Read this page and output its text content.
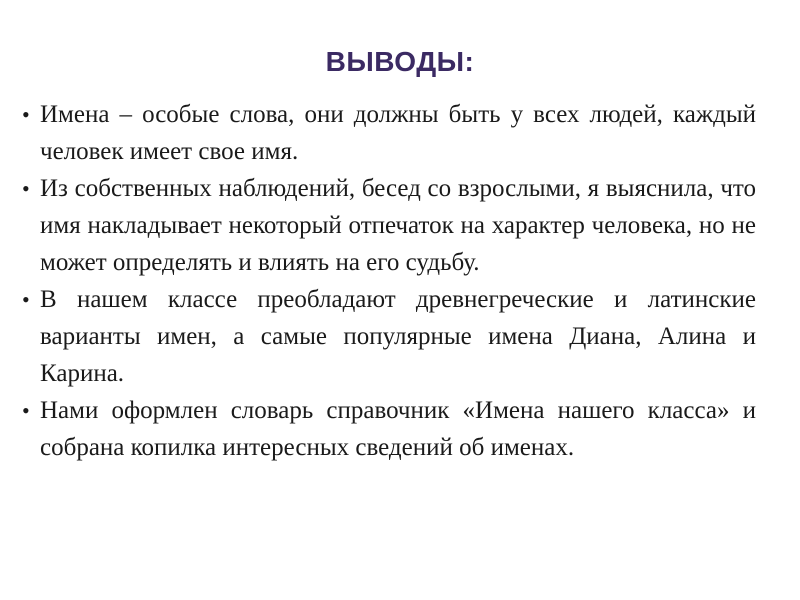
ВЫВОДЫ:
• Имена – особые слова, они должны быть у всех людей, каждый человек имеет свое имя.
• Из собственных наблюдений, бесед со взрослыми, я выяснила, что имя накладывает некоторый отпечаток на характер человека, но не может определять и влиять на его судьбу.
• В нашем классе преобладают древнегреческие и латинские варианты имен, а самые популярные имена Диана, Алина и Карина.
• Нами оформлен словарь справочник «Имена нашего класса» и собрана копилка интересных сведений об именах.
